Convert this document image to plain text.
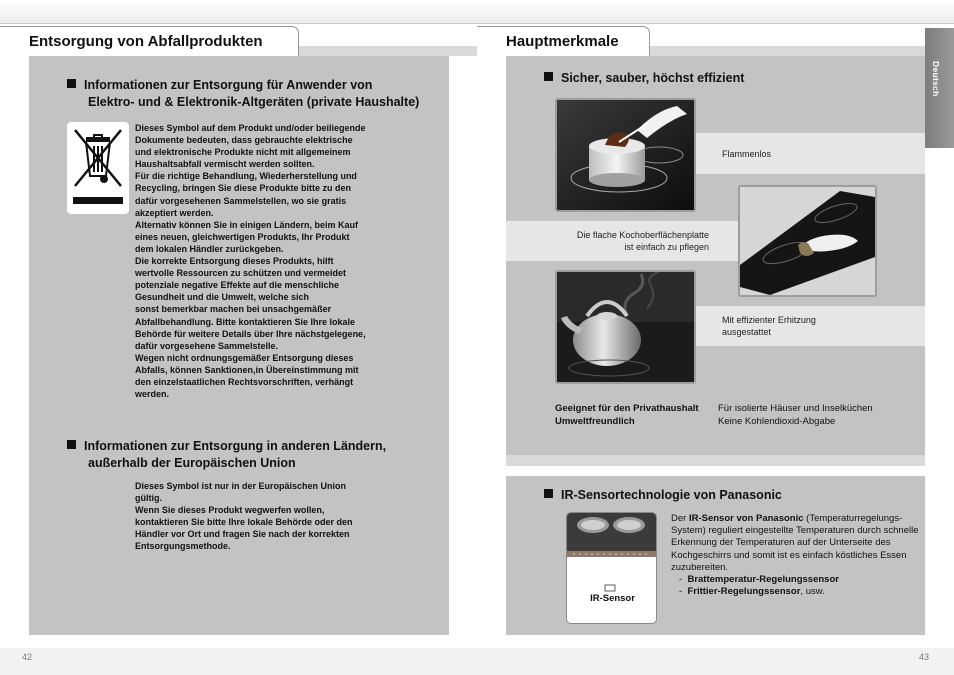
Entsorgung von Abfallprodukten
42
Hauptmerkmale
43
Informationen zur Entsorgung für Anwender von
Elektro- und & Elektronik-Altgeräten (private Haushalte)
Dieses Symbol auf dem Produkt und/oder beiliegende
Dokumente bedeuten, dass gebrauchte elektrische
und elektronische Produkte nicht mit allgemeinem
Haushaltsabfall vermischt werden sollten.
Für die richtige Behandlung, Wiederherstellung und
Recycling, bringen Sie diese Produkte bitte zu den
dafür vorgesehenen Sammelstellen, wo sie gratis
akzeptiert werden.
Alternativ können Sie in einigen Ländern, beim Kauf
eines neuen, gleichwertigen Produkts, Ihr Produkt
dem lokalen Händler zurückgeben.
Die korrekte Entsorgung dieses Produkts, hilft
wertvolle Ressourcen zu schützen und vermeidet
potenziale negative Effekte auf die menschliche
Gesundheit und die Umwelt, welche sich
sonst bemerkbar machen bei unsachgemäßer
Abfallbehandlung. Bitte kontaktieren Sie Ihre lokale
Behörde für weitere Details über Ihre nächstgelegene,
dafür vorgesehene Sammelstelle.
Wegen nicht ordnungsgemäßer Entsorgung dieses
Abfalls, können Sanktionen,in Übereinstimmung mit
den einzelstaatlichen Rechtsvorschriften, verhängt
werden.
Informationen zur Entsorgung in anderen Ländern,
außerhalb der Europäischen Union
Dieses Symbol ist nur in der Europäischen Union
gültig.
Wenn Sie dieses Produkt wegwerfen wollen,
kontaktieren Sie bitte Ihre lokale Behörde oder den
Händler vor Ort und fragen Sie nach der korrekten
Entsorgungsmethode.
Deutsch
Sicher, sauber, höchst effizient
Flammenlos
Die flache Kochoberflächenplatte
ist einfach zu pflegen
Mit effizienter Erhitzung
ausgestattet
Geeignet für den Privathaushalt
Umweltfreundlich
Für isolierte Häuser und Inselküchen
Keine Kohlendioxid-Abgabe
IR-Sensortechnologie von Panasonic
IR-Sensor
Der IR-Sensor von Panasonic (Temperaturregelungs-System) reguliert eingestellte Temperaturen durch schnelle Erkennung der Temperaturen auf der Unterseite des Kochgeschirrs und somit ist es einfach köstliches Essen zuzubereiten.
-  Brattemperatur-Regelungssensor
-  Frittier-Regelungssensor, usw.
